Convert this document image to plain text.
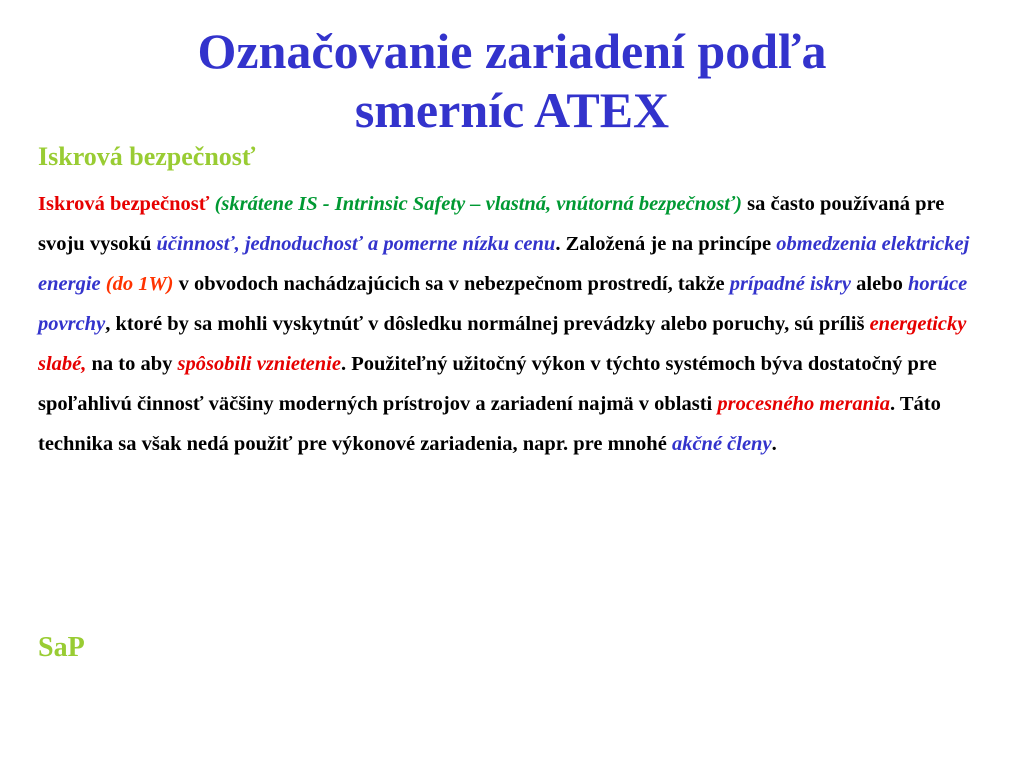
Označovanie zariadení podľa
smerníc ATEX
Iskrová bezpečnosť
Iskrová bezpečnosť (skrátene IS - Intrinsic Safety – vlastná, vnútorná bezpečnosť) sa často používaná pre svoju vysokú účinnosť, jednoduchosť a pomerne nízku cenu. Založená je na princípe obmedzenia elektrickej energie (do 1W) v obvodoch nachádzajúcich sa v nebezpečnom prostredí, takže prípadné iskry alebo horúce povrchy, ktoré by sa mohli vyskytnúť v dôsledku normálnej prevádzky alebo poruchy, sú príliš energeticky slabé, na to aby spôsobili vznietenie. Použiteľný užitočný výkon v týchto systémoch býva dostatočný pre spoľahlivú činnosť väčšiny moderných prístrojov a zariadení najmä v oblasti procesného merania. Táto technika sa však nedá použiť pre výkonové zariadenia, napr. pre mnohé akčné členy.
SaP
